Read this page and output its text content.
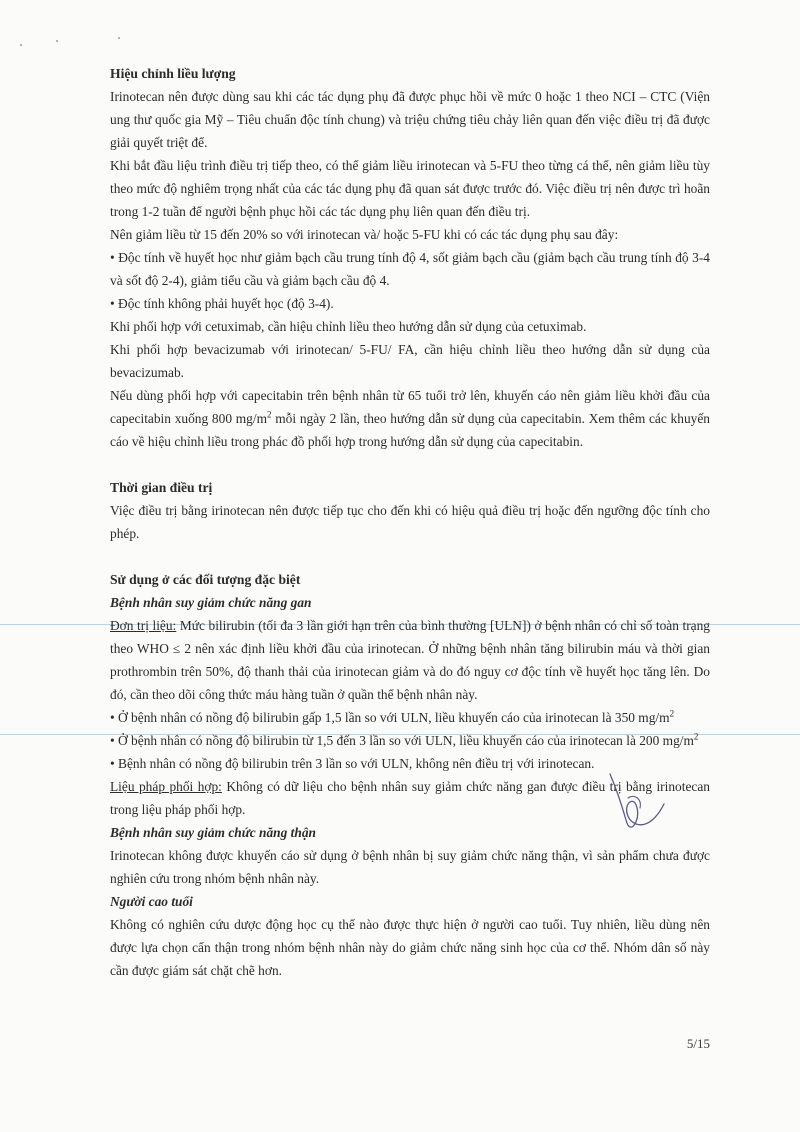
Hiệu chỉnh liều lượng

Irinotecan nên được dùng sau khi các tác dụng phụ đã được phục hồi về mức 0 hoặc 1 theo NCI – CTC (Viện ung thư quốc gia Mỹ – Tiêu chuẩn độc tính chung) và triệu chứng tiêu chảy liên quan đến việc điều trị đã được giải quyết triệt để.

Khi bắt đầu liệu trình điều trị tiếp theo, có thể giảm liều irinotecan và 5-FU theo từng cá thể, nên giảm liều tùy theo mức độ nghiêm trọng nhất của các tác dụng phụ đã quan sát được trước đó. Việc điều trị nên được trì hoãn trong 1-2 tuần để người bệnh phục hồi các tác dụng phụ liên quan đến điều trị.

Nên giảm liều từ 15 đến 20% so với irinotecan và/ hoặc 5-FU khi có các tác dụng phụ sau đây:

• Độc tính về huyết học như giảm bạch cầu trung tính độ 4, sốt giảm bạch cầu (giảm bạch cầu trung tính độ 3-4 và sốt độ 2-4), giảm tiểu cầu và giảm bạch cầu độ 4.

• Độc tính không phải huyết học (độ 3-4).

Khi phối hợp với cetuximab, cần hiệu chỉnh liều theo hướng dẫn sử dụng của cetuximab.

Khi phối hợp bevacizumab với irinotecan/ 5-FU/ FA, cần hiệu chỉnh liều theo hướng dẫn sử dụng của bevacizumab.

Nếu dùng phối hợp với capecitabin trên bệnh nhân từ 65 tuổi trở lên, khuyến cáo nên giảm liều khởi đầu của capecitabin xuống 800 $mg/m^2$ mỗi ngày 2 lần, theo hướng dẫn sử dụng của capecitabin. Xem thêm các khuyến cáo về hiệu chỉnh liều trong phác đồ phối hợp trong hướng dẫn sử dụng của capecitabin.

Thời gian điều trị

Việc điều trị bằng irinotecan nên được tiếp tục cho đến khi có hiệu quả điều trị hoặc đến ngưỡng độc tính cho phép.

Sử dụng ở các đối tượng đặc biệt

Bệnh nhân suy giảm chức năng gan

Đơn trị liệu: Mức bilirubin (tối đa 3 lần giới hạn trên của bình thường [ULN]) ở bệnh nhân có chỉ số toàn trạng theo WHO ≤ 2 nên xác định liều khởi đầu của irinotecan. Ở những bệnh nhân tăng bilirubin máu và thời gian prothrombin trên 50%, độ thanh thải của irinotecan giảm và do đó nguy cơ độc tính về huyết học tăng lên. Do đó, cần theo dõi công thức máu hàng tuần ở quần thể bệnh nhân này.

• Ở bệnh nhân có nồng độ bilirubin gấp 1,5 lần so với ULN, liều khuyến cáo của irinotecan là 350 $mg/m^2$

• Ở bệnh nhân có nồng độ bilirubin từ 1,5 đến 3 lần so với ULN, liều khuyến cáo của irinotecan là 200 $mg/m^2$

• Bệnh nhân có nồng độ bilirubin trên 3 lần so với ULN, không nên điều trị với irinotecan.

Liệu pháp phối hợp: Không có dữ liệu cho bệnh nhân suy giảm chức năng gan được điều trị bằng irinotecan trong liệu pháp phối hợp.

Bệnh nhân suy giảm chức năng thận

Irinotecan không được khuyến cáo sử dụng ở bệnh nhân bị suy giảm chức năng thận, vì sản phẩm chưa được nghiên cứu trong nhóm bệnh nhân này.

Người cao tuổi

Không có nghiên cứu dược động học cụ thể nào được thực hiện ở người cao tuổi. Tuy nhiên, liều dùng nên được lựa chọn cẩn thận trong nhóm bệnh nhân này do giảm chức năng sinh học của cơ thể. Nhóm dân số này cần được giám sát chặt chẽ hơn.

5/15
